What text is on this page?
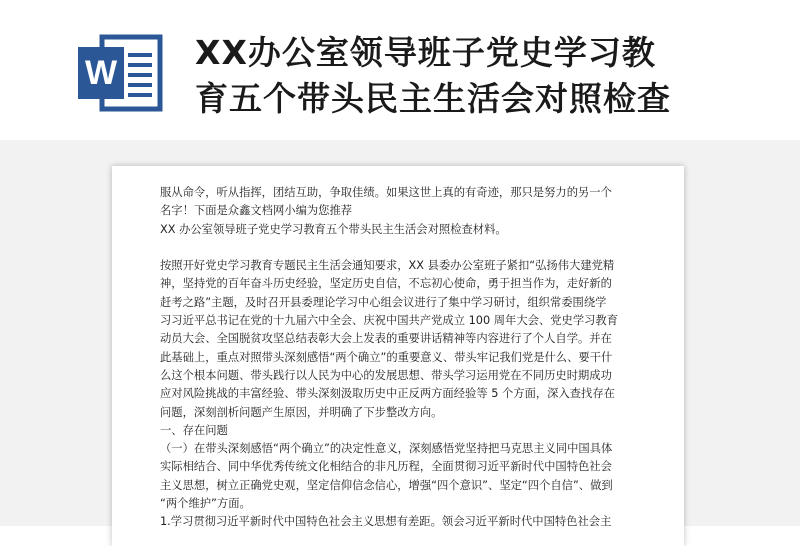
W
XX办公室领导班子党史学习教
育五个带头民主生活会对照检查
服从命令，听从指挥，团结互助，争取佳绩。如果这世上真的有奇迹，那只是努力的另一个
名字！下面是众鑫文档网小编为您推荐
XX 办公室领导班子党史学习教育五个带头民主生活会对照检查材料。
按照开好党史学习教育专题民主生活会通知要求，XX 县委办公室班子紧扣“弘扬伟大建党精
神，坚持党的百年奋斗历史经验，坚定历史自信，不忘初心使命，勇于担当作为，走好新的
赶考之路”主题，及时召开县委理论学习中心组会议进行了集中学习研讨，组织常委围绕学
习习近平总书记在党的十九届六中全会、庆祝中国共产党成立 100 周年大会、党史学习教育
动员大会、全国脱贫攻坚总结表彰大会上发表的重要讲话精神等内容进行了个人自学。并在
此基础上，重点对照带头深刻感悟“两个确立”的重要意义、带头牢记我们党是什么、要干什
么这个根本问题、带头践行以人民为中心的发展思想、带头学习运用党在不同历史时期成功
应对风险挑战的丰富经验、带头深刻汲取历史中正反两方面经验等 5 个方面，深入查找存在
问题，深刻剖析问题产生原因，并明确了下步整改方向。
一、存在问题
（一）在带头深刻感悟“两个确立”的决定性意义，深刻感悟党坚持把马克思主义同中国具体
实际相结合、同中华优秀传统文化相结合的非凡历程，全面贯彻习近平新时代中国特色社会
主义思想，树立正确党史观，坚定信仰信念信心，增强“四个意识”、坚定“四个自信”、做到
“两个维护”方面。
1.学习贯彻习近平新时代中国特色社会主义思想有差距。领会习近平新时代中国特色社会主
